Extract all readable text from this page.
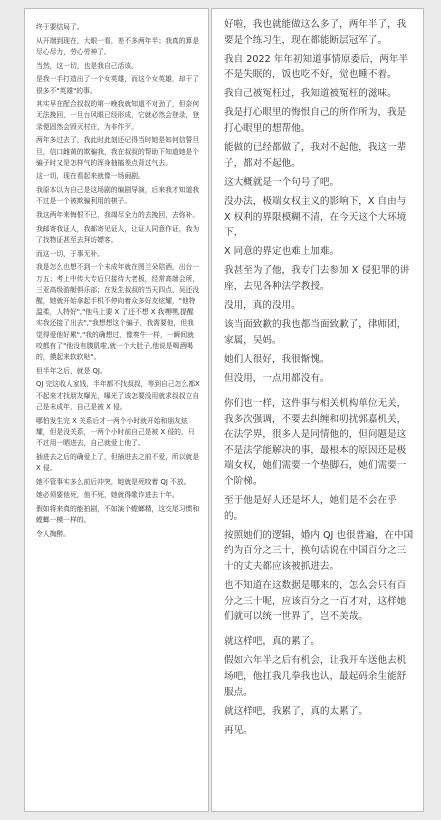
终于要结局了。

从开端到现在，大眼一看，差不多两年半；我真的算是尽心尽力，劳心劳神了。

当然，这一切，也是我自己活该。

是我一手打造出了一个女英雄，而这个女英雄，却干了很多不"英雄"的事。

其实早在配合叔叔的第一晚我就知道不对劲了，但奈何无法挽回，一旦台风眼已经形成，它就必然会登录，登录便固然会毁灭村庄，为非作歹。

两年多过去了，我此时此刻还记得当时她是如何信誓旦旦，信口雌黄的欺骗我，我在叔叔的帮助下知道她是个骗子时又是怎样气的浑身抽搐差点背过气去。

这一切，现在看起来就像一场闹剧。

我原本以为自己是这场剧的编剧导演，后来我才知道我不过是一个被欺骗利用的棋子。

我这两年来悔恨不已，我竭尽全力的去挽回，去弥补。

我邮寄我证人，我邮寄见证人，让证人同意作证，我为了找物证甚至去拜访嫖客。

而这一切，于事无补。

我是怎么也想不到一个未成年就在图兰朵陪酒，出台一万五；考上中传大专后只接待大老板，经常高端会所，三亚高级游艇俱乐部；在发生叔叔的当天四点，吴还没醒，她就开始拿起手机不停向着众多好友炫耀，"他特温柔，人特好","他马上要 X 了还不想 X 我嘿嘿,提醒实我还接了出去","我想想这个骗子，我需要他，但我觉得爱他好累","我的确想过，像奏牛一样，一瞬间就咬都有了"他没有腹肌啦,就一个大肚子,他说是喝酒喝的，摸起来软软哒"。

但半年之后，就是 QJ。

QJ 完这收人家钱，半年都不找叔叔，等到自己怎么都X不起来才找朋友曝光，曝光了该怎要没用就求叔叔立自己是未成年，自己是被 X 侵。

哪怕发生完 X 关系后才一两个小时就开始和朋友炫耀，但是没关系，一两个小时前自己是被 X 侵的，只不过用一晒进去，自己就爱上他了。

插进去之后的确爱上了，但插进去之前不爱，所以就是 X 侵。

她不管事实多么前后冲突，她就是死咬着 QJ 不放。

她必须要他死，他不死，她就得歌诈进去十年。

假如将来真的能拍剧，不如演个螳螂精，这交尾习惯和螳螂一模一样的。

令人掏醉。

好啦，我也就能做这么多了，两年半了，我要是个练习生，现在都能断层冠军了。

我自 2022 年年初知道事情原委后，两年半不是失眠的，饭也吃不好，觉也睡不着。

我自己被冤枉过，我知道被冤枉的滋味。

我是打心眼里的悔恨自己的所作所为，我是打心眼里的想帮他。

能做的已经都做了，我对不起他，我这一辈子，都对不起他。

这大概就是一个句号了吧。

没办法，极端女权主义的影响下，X 自由与 X 权利的界限模糊不清，在今天这个大环境下，

X 同意的界定也难上加难。

我甚至为了他，我专门去参加 X 侵犯罪的讲座，去见各种法学教授。

没用，真的没用。

该当面致歉的我也都当面致歉了，律师团，家属，吴妈。

她们人很好，我很惭愧。

但没用，一点用都没有。

你们也一样，这件事与相关机构单位无关，我多次强调，不要去纠缠和叨扰郭嘉机关，在法学界，很多人是同情他的，但问题是这不是法学能解决的事，最根本的原因还是极端女权，她们需要一个垫脚石，她们需要一个阶梯。

至于他是好人还是坏人，她们是不会在乎的。

按照她们的逻辑，婚内 QJ 也很普遍，在中国约为百分之三十，换句话说在中国百分之三十的丈夫都应该被抓进去。

也不知道在这数据是哪来的，怎么会只有百分之三十呢，应该百分之一百才对，这样她们就可以统一世界了，岂不美哉。

就这样吧，真的累了。

假如六年半之后有机会，让我开车送他去机场吧，他扛我几拳我也认，最起码余生能舒服点。

就这样吧，我累了，真的太累了。

再见。
